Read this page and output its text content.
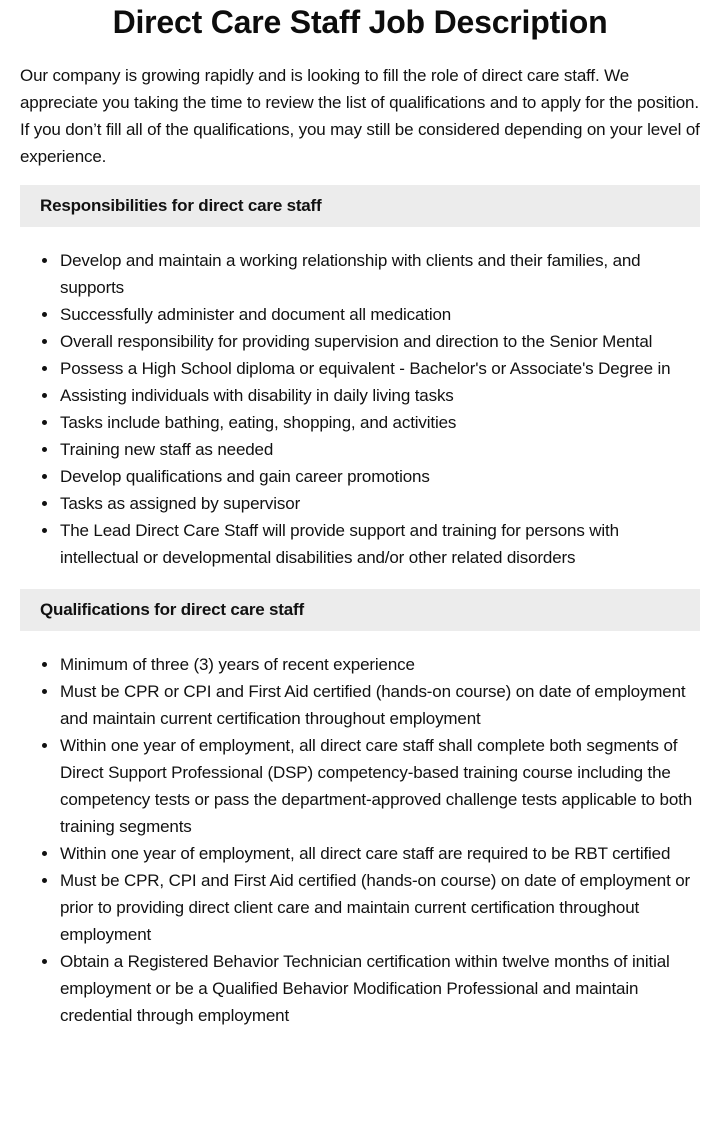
Direct Care Staff Job Description

Our company is growing rapidly and is looking to fill the role of direct care staff. We appreciate you taking the time to review the list of qualifications and to apply for the position. If you don’t fill all of the qualifications, you may still be considered depending on your level of experience.

Responsibilities for direct care staff
Develop and maintain a working relationship with clients and their families, and supports
Successfully administer and document all medication
Overall responsibility for providing supervision and direction to the Senior Mental
Possess a High School diploma or equivalent - Bachelor's or Associate's Degree in
Assisting individuals with disability in daily living tasks
Tasks include bathing, eating, shopping, and activities
Training new staff as needed
Develop qualifications and gain career promotions
Tasks as assigned by supervisor
The Lead Direct Care Staff will provide support and training for persons with intellectual or developmental disabilities and/or other related disorders
Qualifications for direct care staff
Minimum of three (3) years of recent experience
Must be CPR or CPI and First Aid certified (hands-on course) on date of employment and maintain current certification throughout employment
Within one year of employment, all direct care staff shall complete both segments of Direct Support Professional (DSP) competency-based training course including the competency tests or pass the department-approved challenge tests applicable to both training segments
Within one year of employment, all direct care staff are required to be RBT certified
Must be CPR, CPI and First Aid certified (hands-on course) on date of employment or prior to providing direct client care and maintain current certification throughout employment
Obtain a Registered Behavior Technician certification within twelve months of initial employment or be a Qualified Behavior Modification Professional and maintain credential through employment
